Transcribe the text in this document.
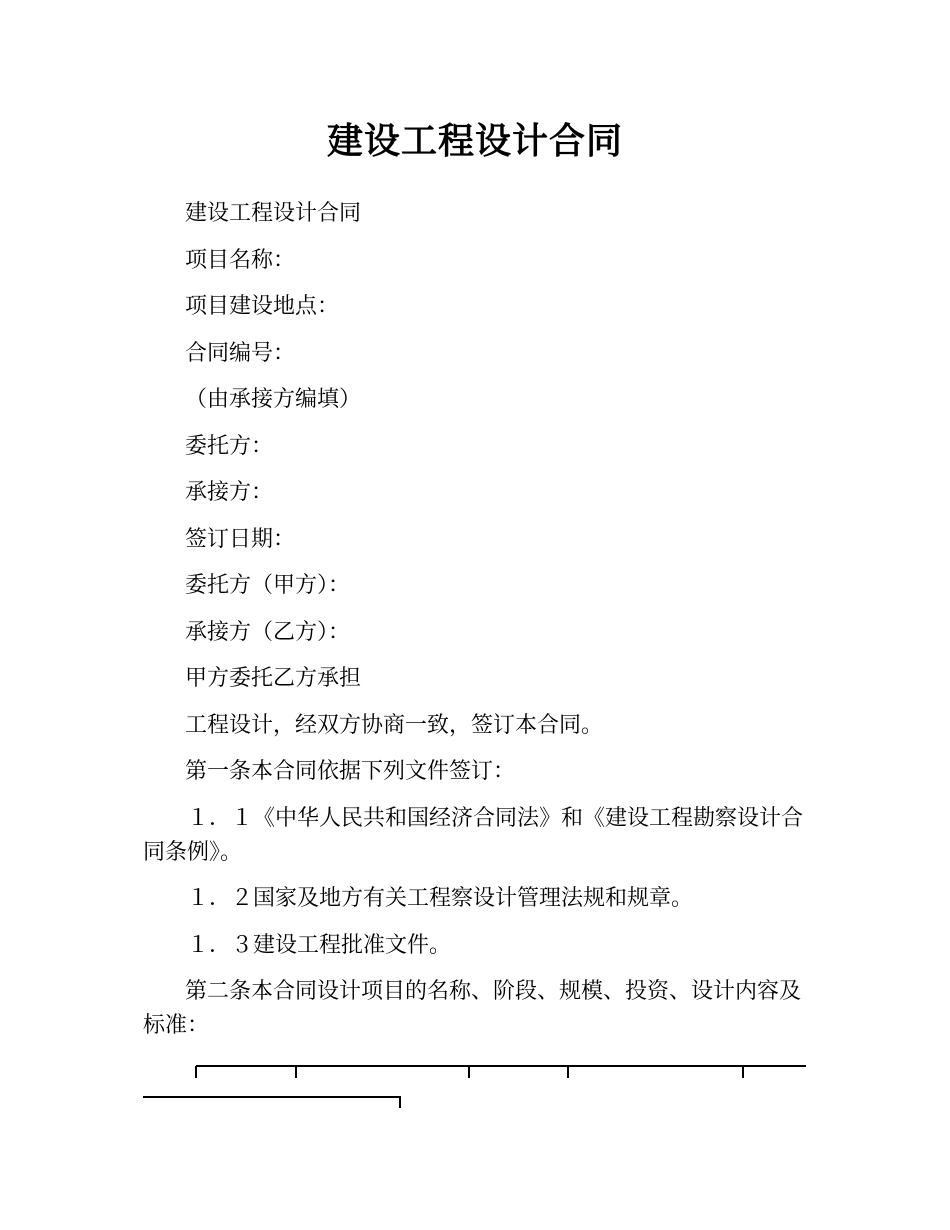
建设工程设计合同

建设工程设计合同

项目名称：

项目建设地点：

合同编号：

（由承接方编填）

委托方：

承接方：

签订日期：

委托方（甲方）：

承接方（乙方）：

甲方委托乙方承担

工程设计，经双方协商一致，签订本合同。

第一条本合同依据下列文件签订：

１．１《中华人民共和国经济合同法》和《建设工程勘察设计合同条例》。

１．２国家及地方有关工程察设计管理法规和规章。

１．３建设工程批准文件。

第二条本合同设计项目的名称、阶段、规模、投资、设计内容及标准：
